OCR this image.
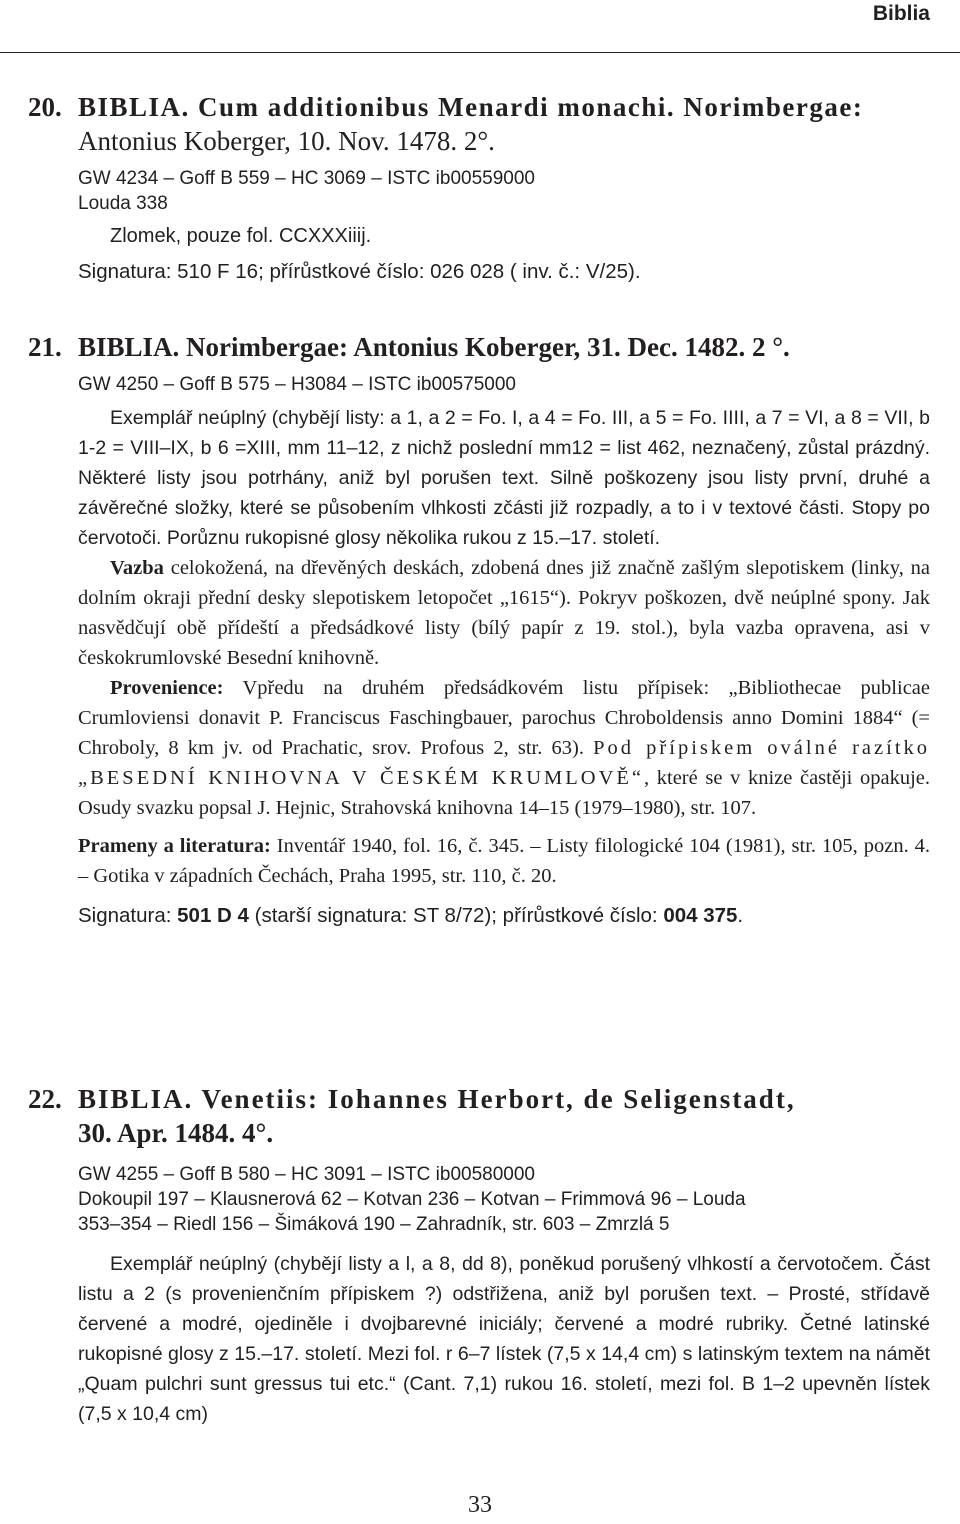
Biblia
20. BIBLIA. Cum additionibus Menardi monachi. Norimbergae:
Antonius Koberger, 10. Nov. 1478. 2°.
GW 4234 – Goff B 559 – HC 3069 – ISTC ib00559000
Louda 338
Zlomek, pouze fol. CCXXXiiij.
Signatura: 510 F 16; přírůstkové číslo: 026 028 ( inv. č.: V/25).
21. BIBLIA. Norimbergae: Antonius Koberger, 31. Dec. 1482. 2 °.
GW 4250 – Goff B 575 – H3084 – ISTC ib00575000
Exemplář neúplný (chybějí listy: a 1, a 2 = Fo. I, a 4 = Fo. III, a 5 = Fo. IIII, a 7 = VI, a 8 = VII, b 1-2 = VIII–IX, b 6 =XIII, mm 11–12, z nichž poslední mm12 = list 462, neznačený, zůstal prázdný. Některé listy jsou potrhány, aniž byl porušen text. Silně poškozeny jsou listy první, druhé a závěrečné složky, které se působením vlhkosti zčásti již rozpadly, a to i v textové části. Stopy po červotoči. Porůznu rukopisné glosy několika rukou z 15.–17. století.
Vazba celokožená, na dřevěných deskách, zdobená dnes již značně zašlým slepotiskem (linky, na dolním okraji přední desky slepotiskem letopočet „1615“). Pokryv poškozen, dvě neúplné spony. Jak nasvědčují obě přídeští a předsádkové listy (bílý papír z 19. stol.), byla vazba opravena, asi v českokrumlovské Besední knihovně.
Provenience: Vpředu na druhém předsádkovém listu přípisek: „Bibliothecae publicae Crumloviensi donavit P. Franciscus Faschingbauer, parochus Chroboldensis anno Domini 1884“ (= Chroboly, 8 km jv. od Prachatic, srov. Profous 2, str. 63). Pod přípiskem oválné razítko „BESEDNÍ KNIHOVNA V ČESKÉM KRUMLOVĚ“, které se v knize častěji opakuje. Osudy svazku popsal J. Hejnic, Strahovská knihovna 14–15 (1979–1980), str. 107.
Prameny a literatura: Inventář 1940, fol. 16, č. 345. – Listy filologické 104 (1981), str. 105, pozn. 4. – Gotika v západních Čechách, Praha 1995, str. 110, č. 20.
Signatura: 501 D 4 (starší signatura: ST 8/72); přírůstkové číslo: 004 375.
22. BIBLIA. Venetiis: Iohannes Herbort, de Seligenstadt,
30. Apr. 1484. 4°.
GW 4255 – Goff B 580 – HC 3091 – ISTC ib00580000
Dokoupil 197 – Klausnerová 62 – Kotvan 236 – Kotvan – Frimmová 96 – Louda
353–354 – Riedl 156 – Šimáková 190 – Zahradník, str. 603 – Zmrzlá 5
Exemplář neúplný (chybějí listy a l, a 8, dd 8), poněkud porušený vlhkostí a červotočem. Část listu a 2 (s provenienčním přípiskem ?) odstřižena, aniž byl porušen text. – Prosté, střídavě červené a modré, ojediněle i dvojbarevné iniciály; červené a modré rubriky. Četné latinské rukopisné glosy z 15.–17. století. Mezi fol. r 6–7 lístek (7,5 x 14,4 cm) s latinským textem na námět „Quam pulchri sunt gressus tui etc.“ (Cant. 7,1) rukou 16. století, mezi fol. B 1–2 upevněn lístek (7,5 x 10,4 cm)
33
